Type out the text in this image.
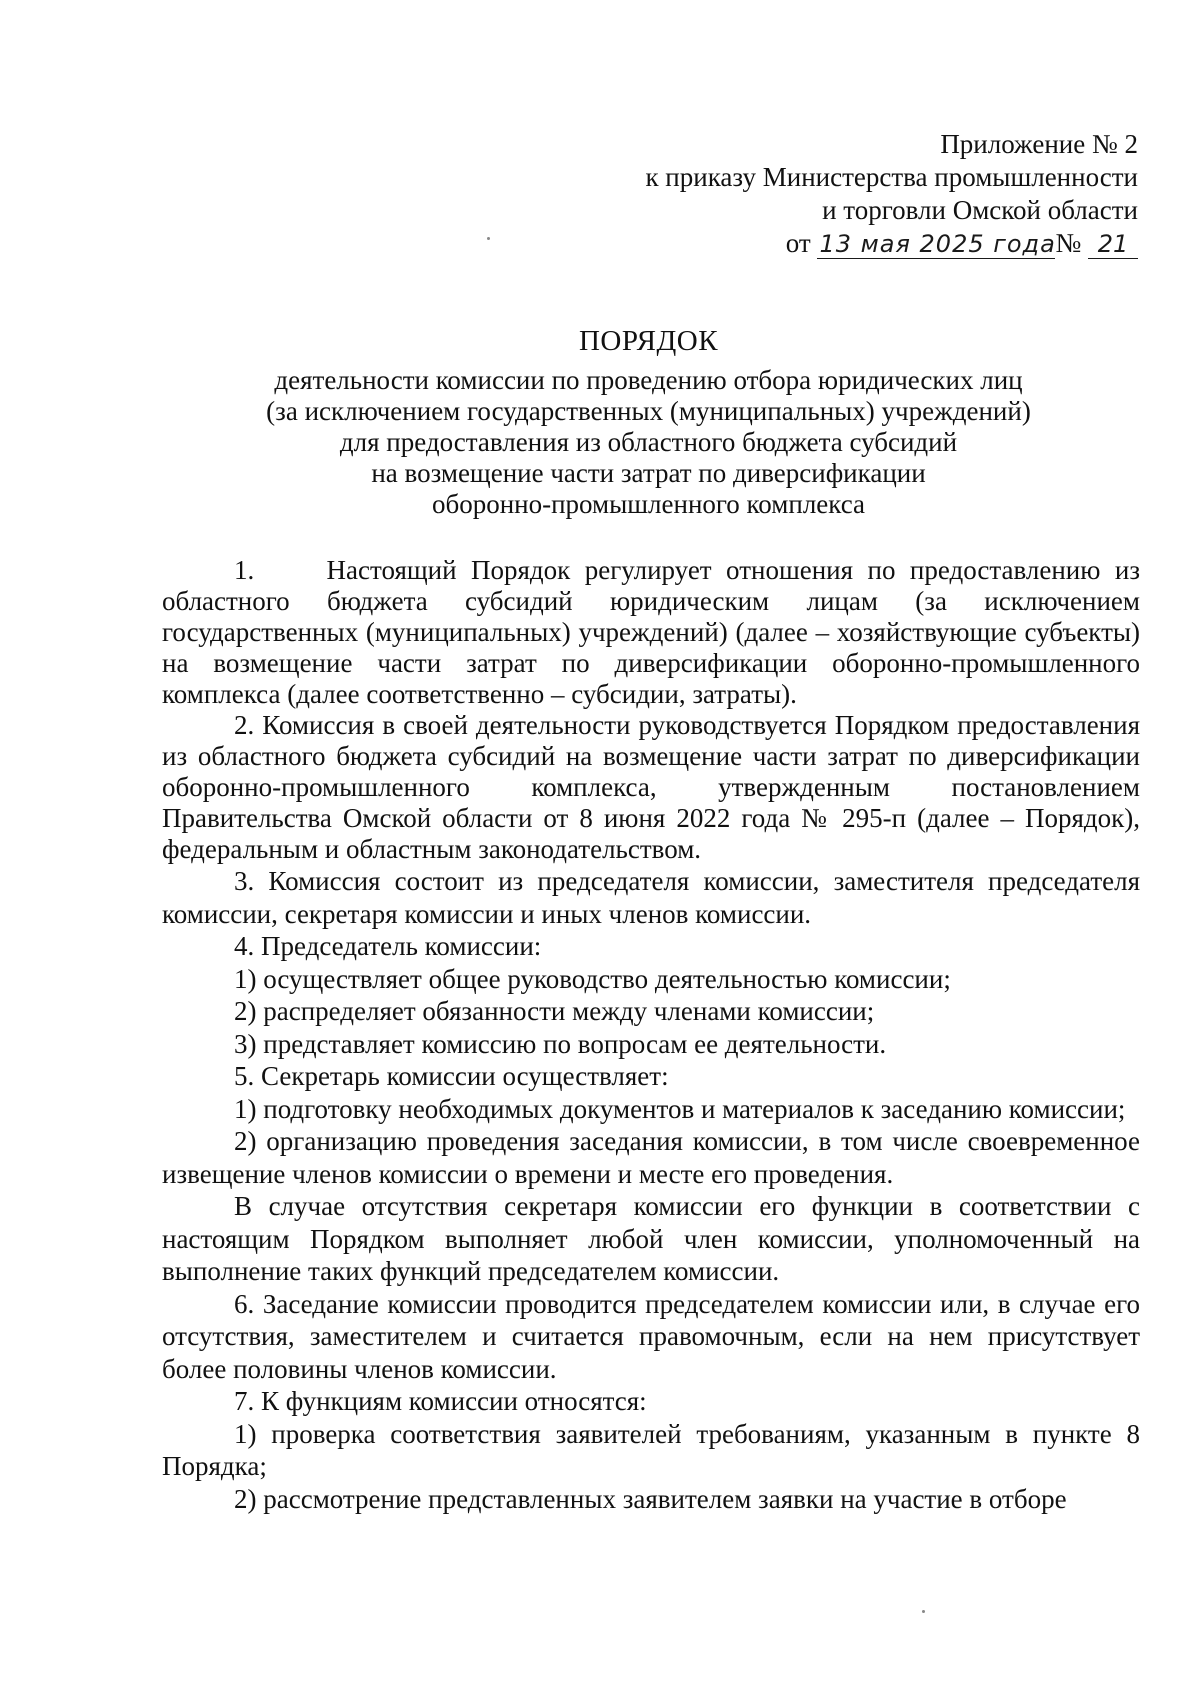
Приложение № 2
к приказу Министерства промышленности
и торговли Омской области
от 13 мая 2025 года№ 21
ПОРЯДОК
деятельности комиссии по проведению отбора юридических лиц
(за исключением государственных (муниципальных) учреждений)
для предоставления из областного бюджета субсидий
на возмещение части затрат по диверсификации
оборонно-промышленного комплекса

1.     Настоящий Порядок регулирует отношения по предоставлению из областного бюджета субсидий юридическим лицам (за исключением государственных (муниципальных) учреждений) (далее – хозяйствующие субъекты) на возмещение части затрат по диверсификации оборонно-промышленного комплекса (далее соответственно – субсидии, затраты).

2. Комиссия в своей деятельности руководствуется Порядком предоставления из областного бюджета субсидий на возмещение части затрат по диверсификации оборонно-промышленного комплекса, утвержденным постановлением Правительства Омской области от 8 июня 2022 года № 295-п (далее – Порядок), федеральным и областным законодательством.

3. Комиссия состоит из председателя комиссии, заместителя председателя комиссии, секретаря комиссии и иных членов комиссии.

4. Председатель комиссии:

1) осуществляет общее руководство деятельностью комиссии;

2) распределяет обязанности между членами комиссии;

3) представляет комиссию по вопросам ее деятельности.

5. Секретарь комиссии осуществляет:

1) подготовку необходимых документов и материалов к заседанию комиссии;

2) организацию проведения заседания комиссии, в том числе своевременное извещение членов комиссии о времени и месте его проведения.

В случае отсутствия секретаря комиссии его функции в соответствии с настоящим Порядком выполняет любой член комиссии, уполномоченный на выполнение таких функций председателем комиссии.

6. Заседание комиссии проводится председателем комиссии или, в случае его отсутствия, заместителем и считается правомочным, если на нем присутствует более половины членов комиссии.

7. К функциям комиссии относятся:

1) проверка соответствия заявителей требованиям, указанным в пункте 8 Порядка;

2) рассмотрение представленных заявителем заявки на участие в отборе
